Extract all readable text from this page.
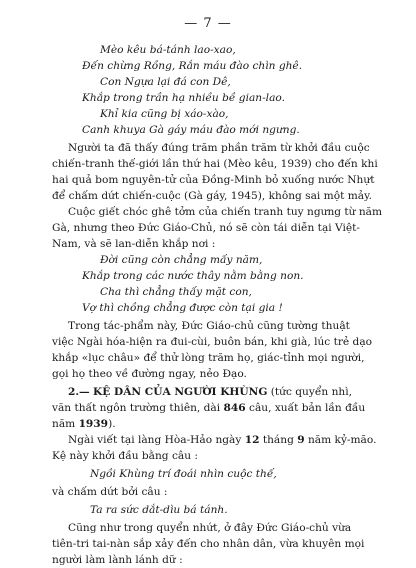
— 7 —

Mèo kêu bá-tánh lao-xao,

Đến chừng Rồng, Rắn máu đào chìn ghê.

Con Ngựa lại đá con Dê,

Khắp trong trần hạ nhiều bề gian-lao.

Khỉ kia cũng bị xáo-xào,

Canh khuya Gà gáy máu đào mới ngưng.

Người ta đã thấy đúng trăm phần trăm từ khởi đầu cuộc
chiến-tranh thế-giới lần thứ hai (Mèo kêu, 1939) cho đến khi
hai quả bom nguyên-tử của Đồng-Minh bỏ xuống nước Nhựt
để chấm dứt chiến-cuộc (Gà gáy, 1945), không sai một mảy.

Cuộc giết chóc ghê tởm của chiến tranh tuy ngưng từ năm
Gà, nhưng theo Đức Giáo-Chủ, nó sẽ còn tái diễn tại Việt-
Nam, và sẽ lan-diễn khắp nơi :

Đời cũng còn chẳng mấy năm,

Khắp trong các nước thây nằm bằng non.

Cha thì chẳng thấy mặt con,

Vợ thì chồng chẳng được còn tại gia !

Trong tác-phẩm này, Đức Giáo-chủ cũng tường thuật
việc Ngài hóa-hiện ra đui-cùi, buôn bán, khi già, lúc trẻ dạo
khắp «lục châu» để thử lòng trăm họ, giác-tỉnh mọi người,
gọi họ theo về đường ngay, nẻo Đạo.

2.— KỆ DÂN CỦA NGƯỜI KHÙNG (tức quyển nhì,
văn thất ngôn trường thiên, dài 846 câu, xuất bản lần đầu
năm 1939).

Ngài viết tại làng Hòa-Hảo ngày 12 tháng 9 năm kỷ-mão.
Kệ này khởi đầu bằng câu :

Ngồi Khùng trí đoái nhìn cuộc thế,

và chấm dứt bởi câu :

Ta ra sức dắt-dìu bá tánh.

Cũng như trong quyển nhứt, ở đây Đức Giáo-chủ vừa
tiên-tri tai-nàn sắp xảy đến cho nhân dân, vừa khuyên mọi
người làm lành lánh dữ :
